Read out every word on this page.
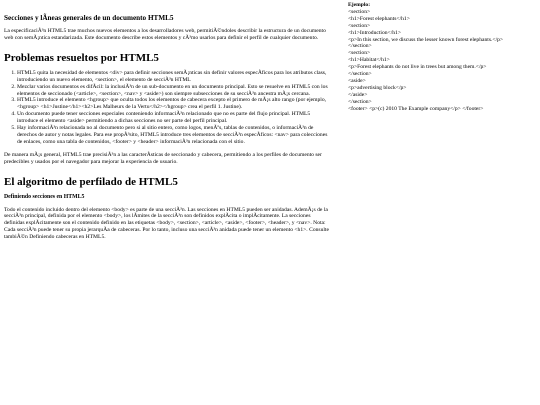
Secciones y lÃneas generales de un documento HTML5

La especificaciÃ³n HTML5 trae muchos nuevos elementos a los desarrolladores web, permitiÃ©ndoles describir la estructura de un documento web con semÃ¡ntica estandarizada. Este documento describe estos elementos y cÃ³mo usarlos para definir el perfil de cualquier documento.

Problemas resueltos por HTML5
1. HTML5 quita la necesidad de elementos <div> para definir secciones semÃ¡nticas sin definir valores especÃficos para los atributos class, introduciendo un nuevo elemento, <section>, el elemento de secciÃ³n HTML
2. Mezclar varios documentos es difÃcil: la inclusiÃ³n de un sub-documento en un documento principal. Esto se resuelve en HTML5 con los elementos de seccionado (<article>, <section>, <nav> y <aside>) son siempre subsecciones de su secciÃ³n ancestra mÃ¡s cercana.
3. HTML5 introduce el elemento <hgroup> que oculta todos los elementos de cabecera excepto el primero de mÃ¡s alto rango (por ejemplo, <hgroup> <h1>Justine</h1><h2>Les Malheurs de la Vertu</h2></hgroup> crea el perfil 1. Justine).
4. Un documento puede tener secciones especiales conteniendo informaciÃ³n relacionado que no es parte del flujo principal. HTML5 introduce el elemento <aside> permitiendo a dichas secciones no ser parte del perfil principal.
5. Hay informaciÃ³n relacionada no al documento pero si al sitio entero, como logos, menÃºs, tablas de contenidos, o informaciÃ³n de derechos de autor y notas legales. Para ese propÃ³sito, HTML5 introduce tres elementos de secciÃ³n especÃficos: <nav> para colecciones de enlaces, como una tabla de contenidos, <footer> y <header> informaciÃ³n relacionada con el sitio.

De manera mÃ¡s general, HTML5 trae precisiÃ³n a las caracterÃsticas de seccionado y cabecera, permitiendo a los perfiles de documento ser predecibles y usados por el navegador para mejorar la experiencia de usuario.

El algoritmo de perfilado de HTML5
Definiendo secciones en HTML5

Todo el contenido incluido dentro del elemento <body> es parte de una secciÃ³n. Las secciones en HTML5 pueden ser anidadas. AdemÃ¡s de la secciÃ³n principal, definida por el elemento <body>, los lÃmites de la secciÃ³n son definidos explÃcita o implÃcitamente. La secciones definidas explÃcitamente son el contenido definido en las etiquetas <body>, <section>, <article>, <aside>, <footer>, <header>, y <nav>. Nota: Cada secciÃ³n puede tener su propia jerarquÃa de cabeceras. Por lo tanto, incluso una secciÃ³n anidada puede tener un elemento <h1>. Consulte tambiÃ©n Definiendo cabeceras en HTML5.

Ejemplo:

<section>
<h1>Forest elephants</h1>
<section>
<h1>Introduction</h1>
<p>In this section, we discuss the lesser known forest elephants.</p>
</section>
<section>
<h1>Habitat</h1>
<p>Forest elephants do not live in trees but among them.</p>
</section>
<aside>
<p>advertising block</p>
</aside>
</section>
<footer> <p>(c) 2010 The Example company</p> </footer>
